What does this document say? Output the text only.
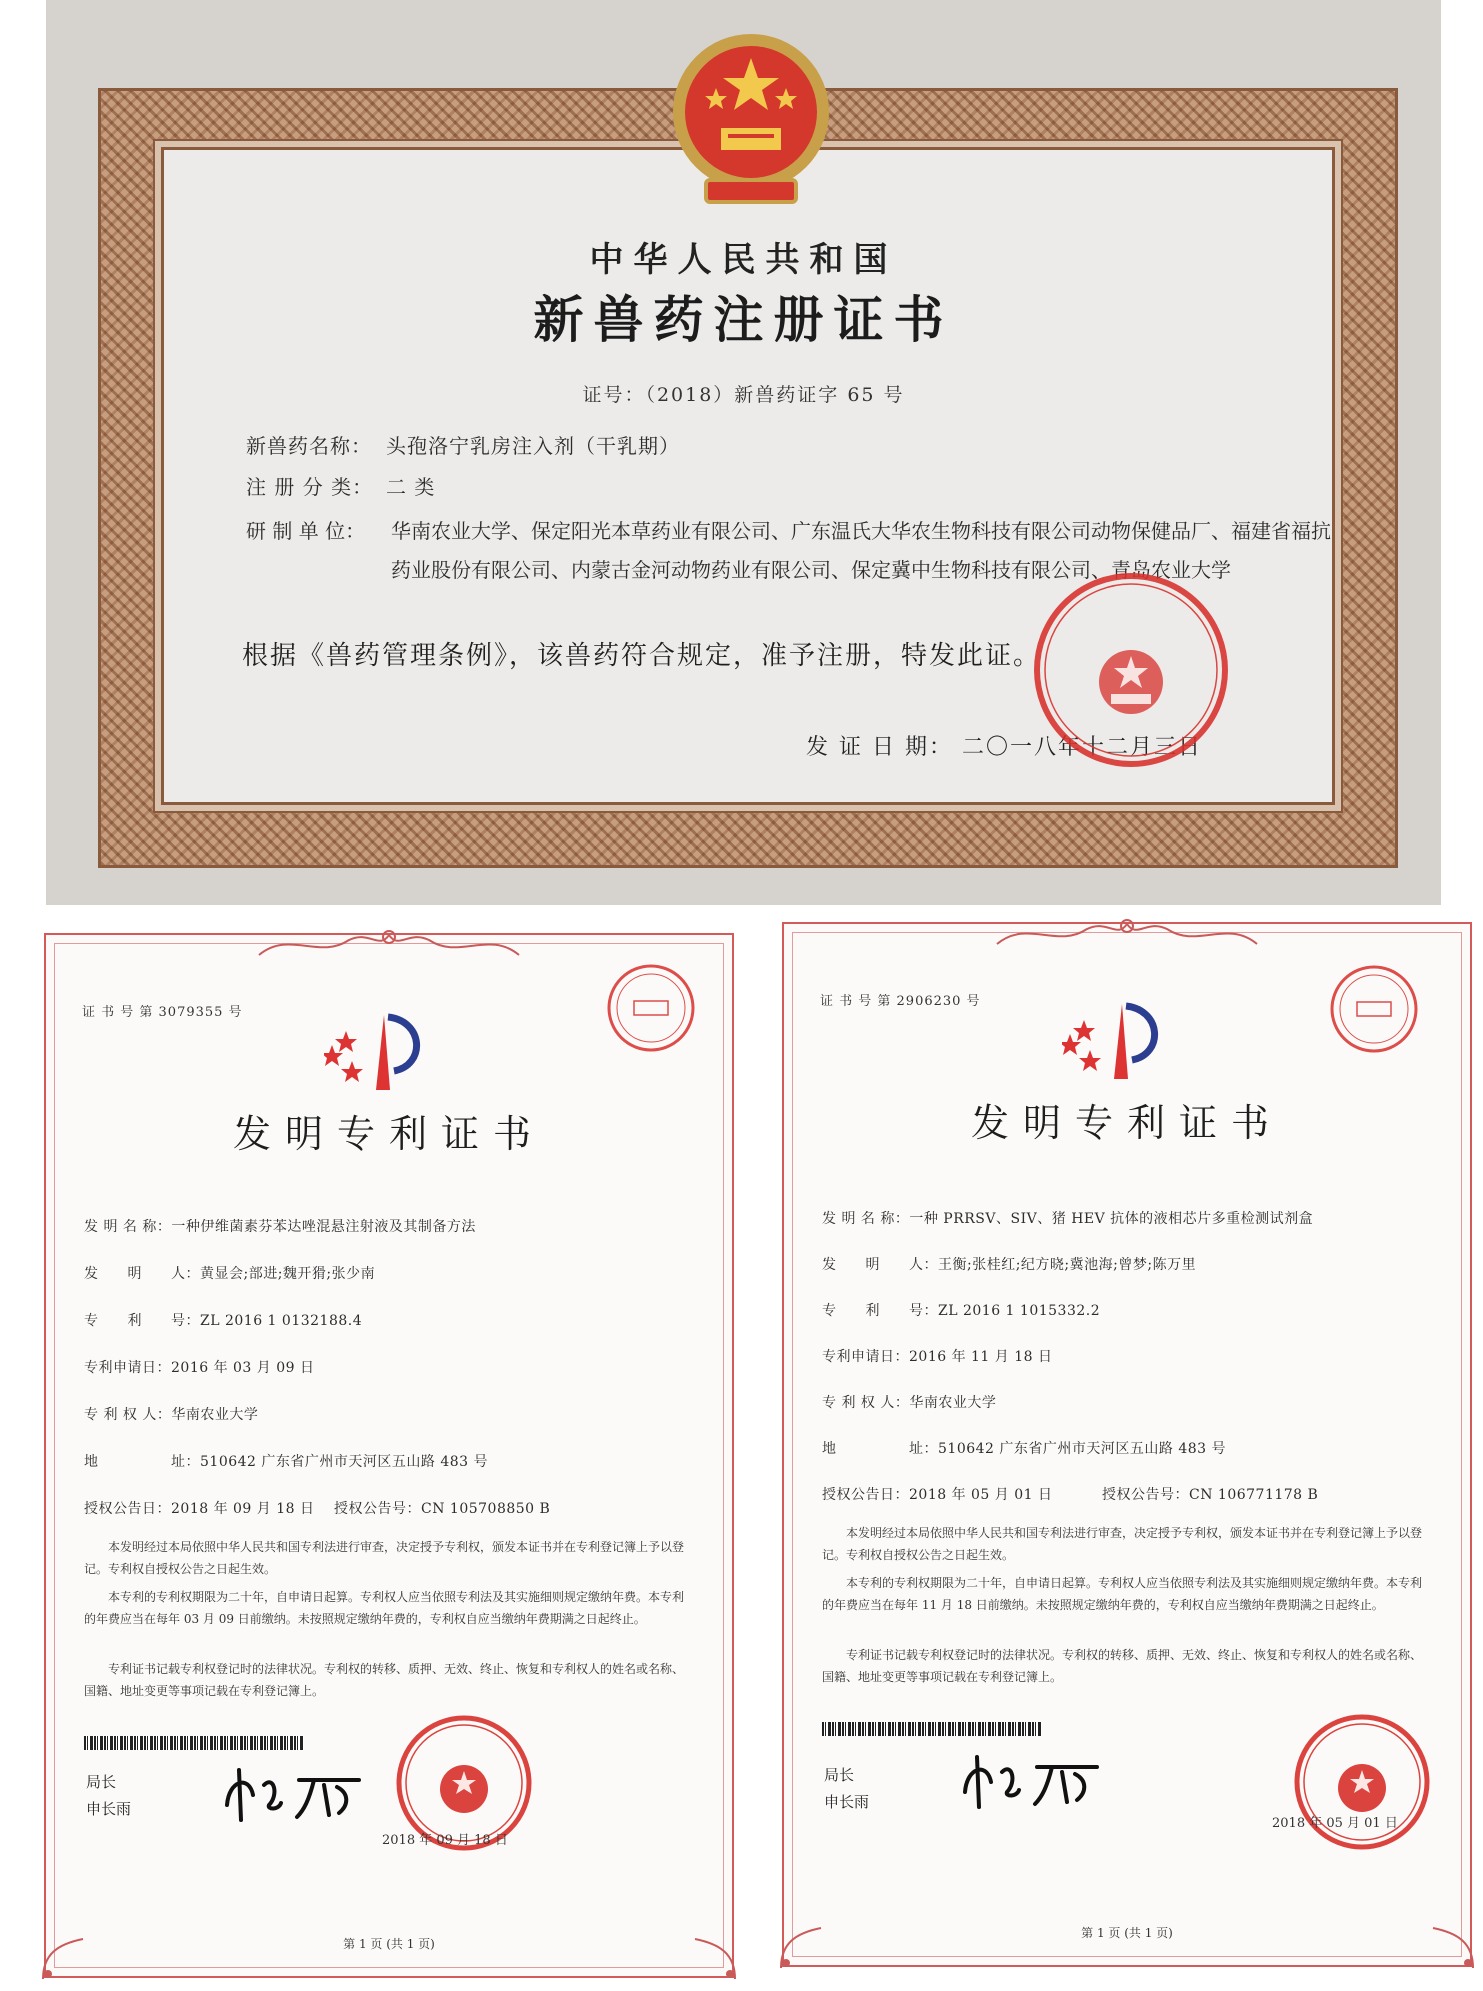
中华人民共和国
新兽药注册证书
证号：（2018）新兽药证字 65 号
新兽药名称： 头孢洛宁乳房注入剂（干乳期）
注 册 分 类： 二 类
研 制 单 位： 华南农业大学、保定阳光本草药业有限公司、广东温氏大华农生物科技有限公司动物保健品厂、福建省福抗药业股份有限公司、内蒙古金河动物药业有限公司、保定冀中生物科技有限公司、青岛农业大学
根据《兽药管理条例》，该兽药符合规定，准予注册，特发此证。
发 证 日 期： 二〇一八年十二月三日
证 书 号 第 3079355 号
发明专利证书
发 明 名 称：一种伊维菌素芬苯达唑混悬注射液及其制备方法
发　　明　　人：黄显会;部进;魏开猾;张少南
专　　利　　号：ZL 2016 1 0132188.4
专利申请日：2016 年 03 月 09 日
专 利 权 人：华南农业大学
地　　　　　址：510642 广东省广州市天河区五山路 483 号
授权公告日：2018 年 09 月 18 日 授权公告号：CN 105708850 B
本发明经过本局依照中华人民共和国专利法进行审查，决定授予专利权，颁发本证书并在专利登记簿上予以登记。专利权自授权公告之日起生效。
本专利的专利权期限为二十年，自申请日起算。专利权人应当依照专利法及其实施细则规定缴纳年费。本专利的年费应当在每年 03 月 09 日前缴纳。未按照规定缴纳年费的，专利权自应当缴纳年费期满之日起终止。
专利证书记载专利权登记时的法律状况。专利权的转移、质押、无效、终止、恢复和专利权人的姓名或名称、国籍、地址变更等事项记载在专利登记簿上。
局长
申长雨
2018 年 09 月 18 日
第 1 页 (共 1 页)
证 书 号 第 2906230 号
发明专利证书
发 明 名 称：一种 PRRSV、SIV、猪 HEV 抗体的液相芯片多重检测试剂盒
发　　明　　人：王衡;张桂红;纪方晓;冀池海;曾梦;陈万里
专　　利　　号：ZL 2016 1 1015332.2
专利申请日：2016 年 11 月 18 日
专 利 权 人：华南农业大学
地　　　　　址：510642 广东省广州市天河区五山路 483 号
授权公告日：2018 年 05 月 01 日	授权公告号：CN 106771178 B
本发明经过本局依照中华人民共和国专利法进行审查，决定授予专利权，颁发本证书并在专利登记簿上予以登记。专利权自授权公告之日起生效。
本专利的专利权期限为二十年，自申请日起算。专利权人应当依照专利法及其实施细则规定缴纳年费。本专利的年费应当在每年 11 月 18 日前缴纳。未按照规定缴纳年费的，专利权自应当缴纳年费期满之日起终止。
专利证书记载专利权登记时的法律状况。专利权的转移、质押、无效、终止、恢复和专利权人的姓名或名称、国籍、地址变更等事项记载在专利登记簿上。
局长
申长雨
2018 年 05 月 01 日
第 1 页 (共 1 页)
